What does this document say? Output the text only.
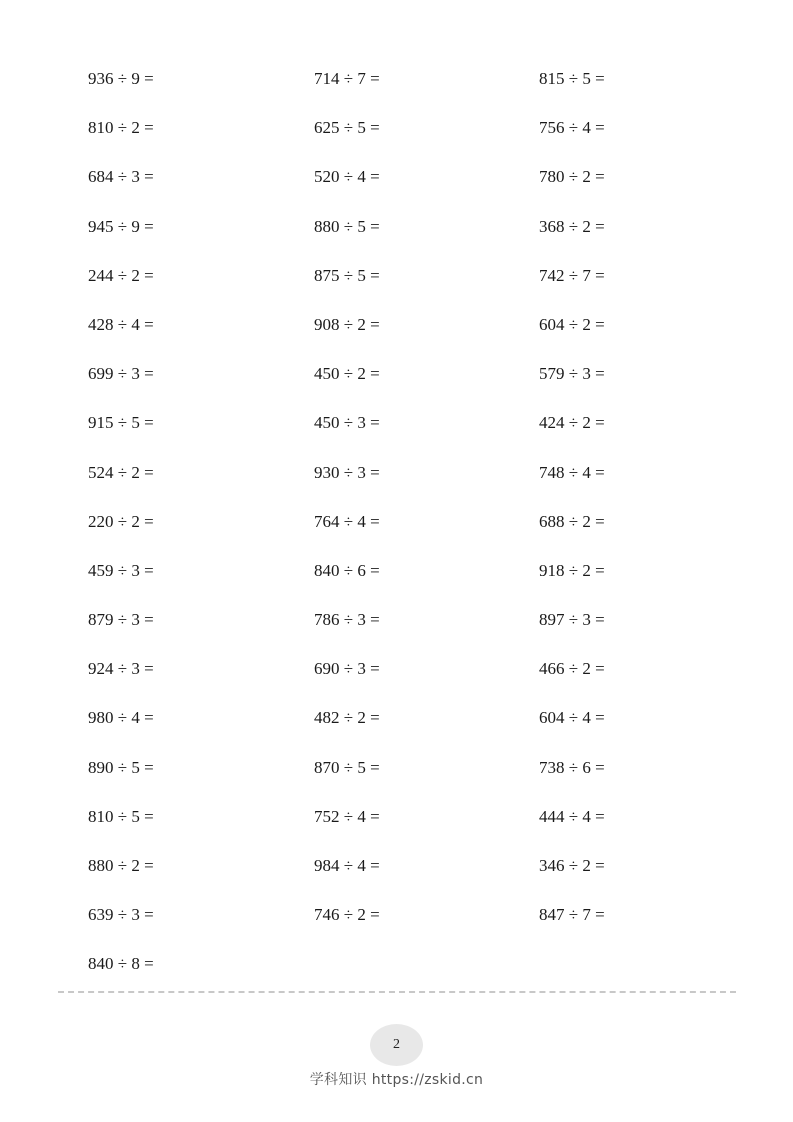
936 ÷ 9 =	714 ÷ 7 =	815 ÷ 5 =
810 ÷ 2 =	625 ÷ 5 =	756 ÷ 4 =
684 ÷ 3 =	520 ÷ 4 =	780 ÷ 2 =
945 ÷ 9 =	880 ÷ 5 =	368 ÷ 2 =
244 ÷ 2 =	875 ÷ 5 =	742 ÷ 7 =
428 ÷ 4 =	908 ÷ 2 =	604 ÷ 2 =
699 ÷ 3 =	450 ÷ 2 =	579 ÷ 3 =
915 ÷ 5 =	450 ÷ 3 =	424 ÷ 2 =
524 ÷ 2 =	930 ÷ 3 =	748 ÷ 4 =
220 ÷ 2 =	764 ÷ 4 =	688 ÷ 2 =
459 ÷ 3 =	840 ÷ 6 =	918 ÷ 2 =
879 ÷ 3 =	786 ÷ 3 =	897 ÷ 3 =
924 ÷ 3 =	690 ÷ 3 =	466 ÷ 2 =
980 ÷ 4 =	482 ÷ 2 =	604 ÷ 4 =
890 ÷ 5 =	870 ÷ 5 =	738 ÷ 6 =
810 ÷ 5 =	752 ÷ 4 =	444 ÷ 4 =
880 ÷ 2 =	984 ÷ 4 =	346 ÷ 2 =
639 ÷ 3 =	746 ÷ 2 =	847 ÷ 7 =
840 ÷ 8 =
2
学科知识 https://zskid.cn
